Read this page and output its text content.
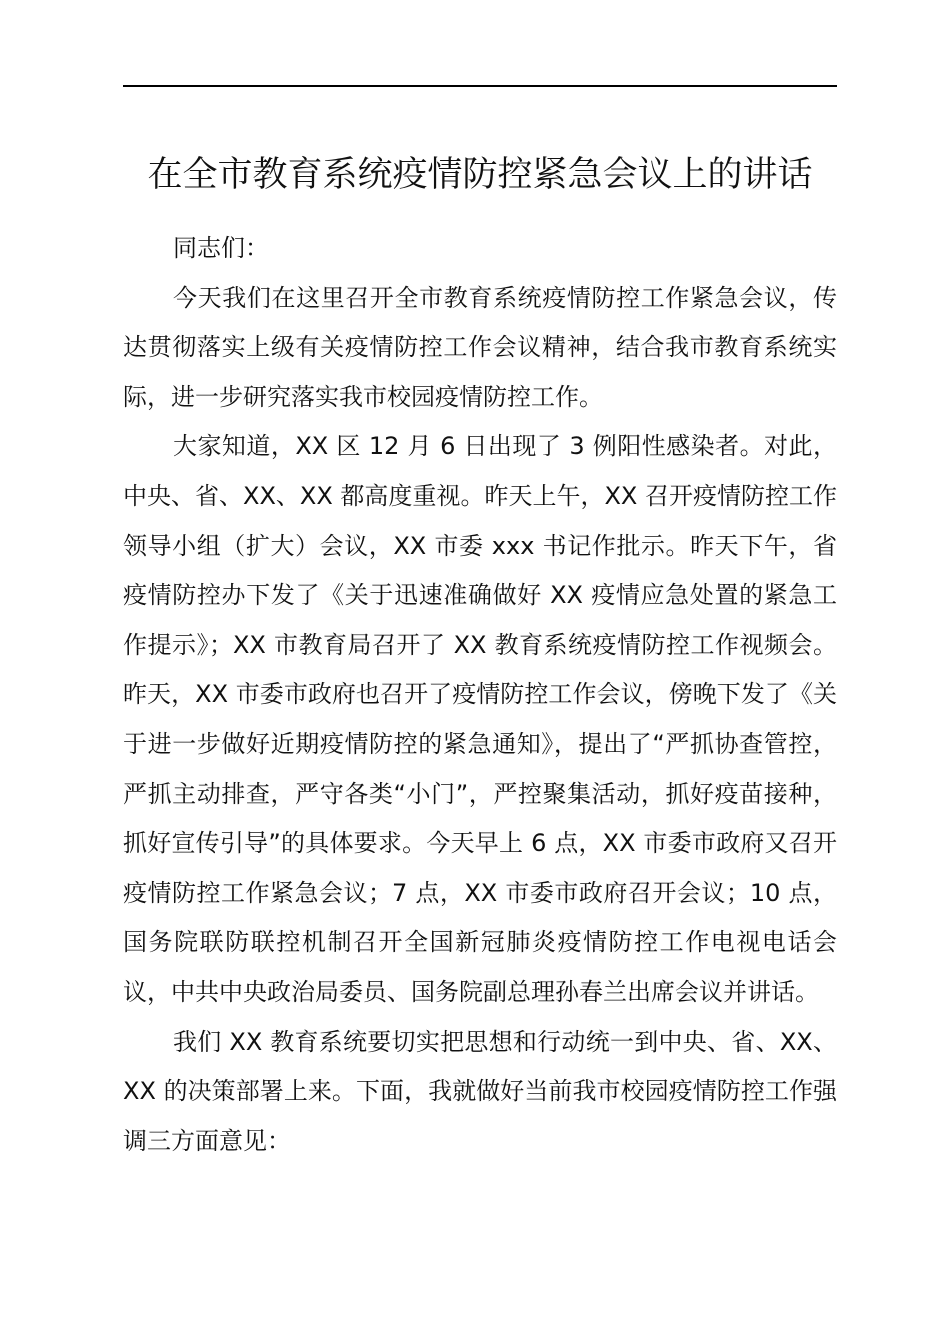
在全市教育系统疫情防控紧急会议上的讲话

同志们：

今天我们在这里召开全市教育系统疫情防控工作紧急会议，传达贯彻落实上级有关疫情防控工作会议精神，结合我市教育系统实际，进一步研究落实我市校园疫情防控工作。

大家知道，XX 区 12 月 6 日出现了 3 例阳性感染者。对此，中央、省、XX、XX 都高度重视。昨天上午，XX 召开疫情防控工作领导小组（扩大）会议，XX 市委 xxx 书记作批示。昨天下午，省疫情防控办下发了《关于迅速准确做好 XX 疫情应急处置的紧急工作提示》；XX 市教育局召开了 XX 教育系统疫情防控工作视频会。昨天，XX 市委市政府也召开了疫情防控工作会议，傍晚下发了《关于进一步做好近期疫情防控的紧急通知》，提出了“严抓协查管控，严抓主动排查，严守各类“小门”，严控聚集活动，抓好疫苗接种，抓好宣传引导”的具体要求。今天早上 6 点，XX 市委市政府又召开疫情防控工作紧急会议；7 点，XX 市委市政府召开会议；10 点，国务院联防联控机制召开全国新冠肺炎疫情防控工作电视电话会议，中共中央政治局委员、国务院副总理孙春兰出席会议并讲话。

我们 XX 教育系统要切实把思想和行动统一到中央、省、XX、XX 的决策部署上来。下面，我就做好当前我市校园疫情防控工作强调三方面意见：
